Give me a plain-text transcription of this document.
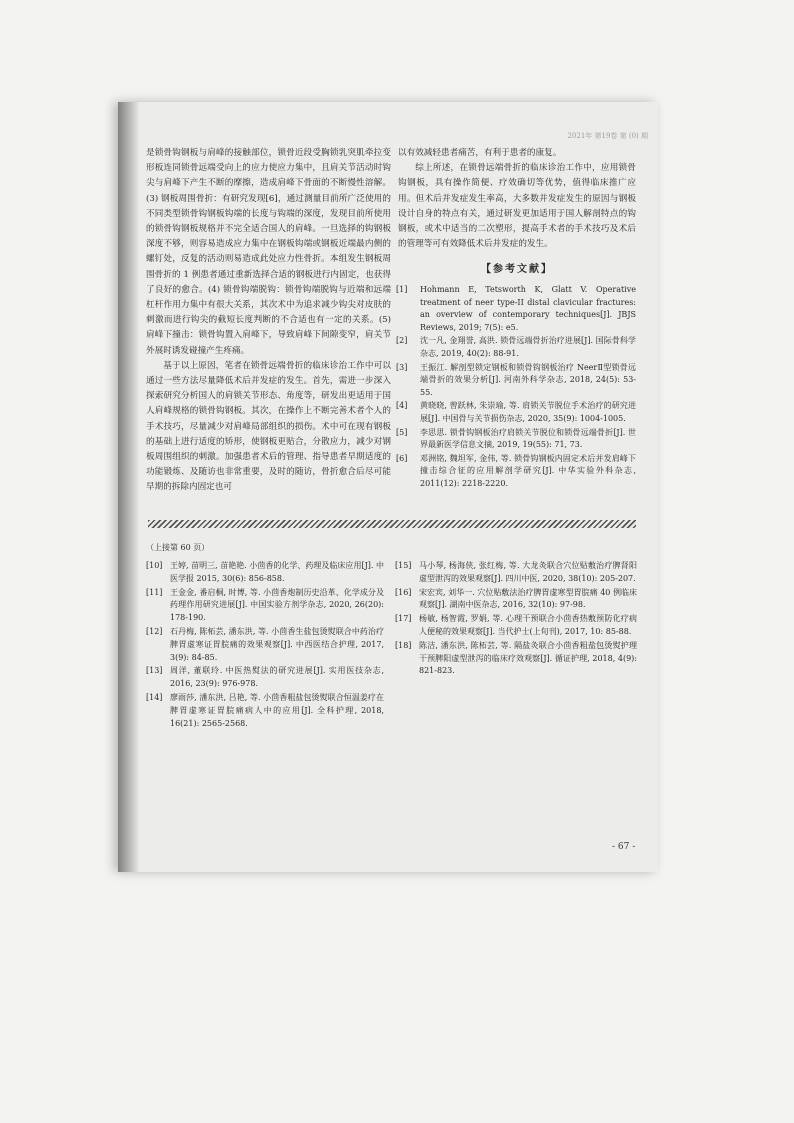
2021年 第19卷 第 (0) 期

是锁骨钩钢板与肩峰的接触部位，锁骨近段受胸锁乳突肌牵拉变形板连同锁骨远端受向上的应力使应力集中，且肩关节活动时钩尖与肩峰下产生不断的摩擦，造成肩峰下骨面的不断慢性溶解。(3) 钢板周围骨折：有研究发现[6]，通过测量目前所广泛使用的不同类型锁骨钩钢板钩端的长度与钩端的深度，发现目前所使用的锁骨钩钢板规格并不完全适合国人的肩峰。一旦选择的钩钢板深度不够，则容易造成应力集中在钢板钩端或钢板近端最内侧的螺钉处，反复的活动则易造成此处应力性骨折。本组发生钢板周围骨折的 1 例患者通过重新选择合适的钢板进行内固定，也获得了良好的愈合。(4) 锁骨钩端脱钩：锁骨钩端脱钩与近端和远端杠杆作用力集中有很大关系，其次术中为追求减少钩尖对皮肤的刺激而进行钩尖的截短长度判断的不合适也有一定的关系。(5) 肩峰下撞击：锁骨钩置入肩峰下，导致肩峰下间隙变窄，肩关节外展时诱发碰撞产生疼痛。

基于以上原因，笔者在锁骨远端骨折的临床诊治工作中可以通过一些方法尽量降低术后并发症的发生。首先，需进一步深入探索研究分析国人的肩锁关节形态、角度等，研发出更适用于国人肩峰规格的锁骨钩钢板。其次，在操作上不断完善术者个人的手术技巧，尽量减少对肩峰局部组织的损伤。术中可在现有钢板的基础上进行适度的矫形，使钢板更贴合，分散应力，减少对钢板周围组织的刺激。加强患者术后的管理、指导患者早期适度的功能锻炼、及随访也非常重要，及时的随访，骨折愈合后尽可能早期的拆除内固定也可

以有效减轻患者痛苦，有利于患者的康复。

综上所述，在锁骨远端骨折的临床诊治工作中，应用锁骨钩钢板，具有操作简便、疗效确切等优势，值得临床推广应用。但术后并发症发生率高，大多数并发症发生的原因与钢板设计自身的特点有关，通过研发更加适用于国人解剖特点的钩钢板，或术中适当的二次塑形，提高手术者的手术技巧及术后的管理等可有效降低术后并发症的发生。

【参考文献】
[1]	Hohmann E, Tetsworth K, Glatt V. Operative treatment of neer type-II distal clavicular fractures: an overview of contemporary techniques[J]. JBJS Reviews, 2019; 7(5): e5.
[2]	沈一凡, 金翔誉, 高洪. 锁骨远端骨折治疗进展[J]. 国际骨科学杂志, 2019, 40(2): 88-91.
[3]	王振江. 解剖型锁定钢板和锁骨钩钢板治疗 NeerⅡ型锁骨远端骨折的效果分析[J]. 河南外科学杂志, 2018, 24(5): 53-55.
[4]	黄晓晓, 曾跃林, 朱崇瑜, 等. 肩锁关节脱位手术治疗的研究进展[J]. 中国骨与关节损伤杂志, 2020, 35(9): 1004-1005.
[5]	李思思. 锁骨钩钢板治疗肩锁关节脱位和锁骨远端骨折[J]. 世界最新医学信息文摘, 2019, 19(55): 71, 73.
[6]	邓洲铭, 魏坦军, 金伟, 等. 锁骨钩钢板内固定术后并发肩峰下撞击综合征的应用解剖学研究[J]. 中华实验外科杂志, 2011(12): 2218-2220.
（上接第 60 页）
[10] 王婷, 苗明三, 苗艳艳. 小茴香的化学、药理及临床应用[J]. 中医学报 2015, 30(6): 856-858.
[11] 王金金, 番启桐, 时博, 等. 小茴香炮制历史沿革、化学成分及药理作用研究进展[J]. 中国实验方剂学杂志, 2020, 26(20): 178-190.
[12] 石丹梅, 陈柘芸, 潘东洪, 等. 小茴香生盐包烫熨联合中药治疗脾胃虚寒证胃脘痛的效果观察[J]. 中西医结合护理, 2017, 3(9): 84-85.
[13] 周洋, 董联玲. 中医热熨法的研究进展[J]. 实用医技杂志, 2016, 23(9): 976-978.
[14] 廖雨莎, 潘东洪, 吕艳, 等. 小茴香粗盐包烫熨联合恒温姜疗在脾胃虚寒证胃脘痛病人中的应用[J]. 全科护理, 2018, 16(21): 2565-2568.
[15] 马小琴, 杨海侠, 张红梅, 等. 大龙灸联合穴位贴敷治疗脾肾阳虚型泄泻的效果观察[J]. 四川中医, 2020, 38(10): 205-207.
[16] 宋宏宾, 刘华一. 穴位贴敷法治疗脾胃虚寒型胃脘痛 40 例临床观察[J]. 湖南中医杂志, 2016, 32(10): 97-98.
[17] 杨敏, 杨智霞, 罗娟, 等. 心理干预联合小茴香热敷预防化疗病人便秘的效果观察[J]. 当代护士(上旬刊), 2017, 10: 85-88.
[18] 陈洁, 潘东洪, 陈柘芸, 等. 隔盐灸联合小茴香粗盐包烫熨护理干预脾阳虚型泄泻的临床疗效观察[J]. 循证护理, 2018, 4(9): 821-823.
- 67 -
